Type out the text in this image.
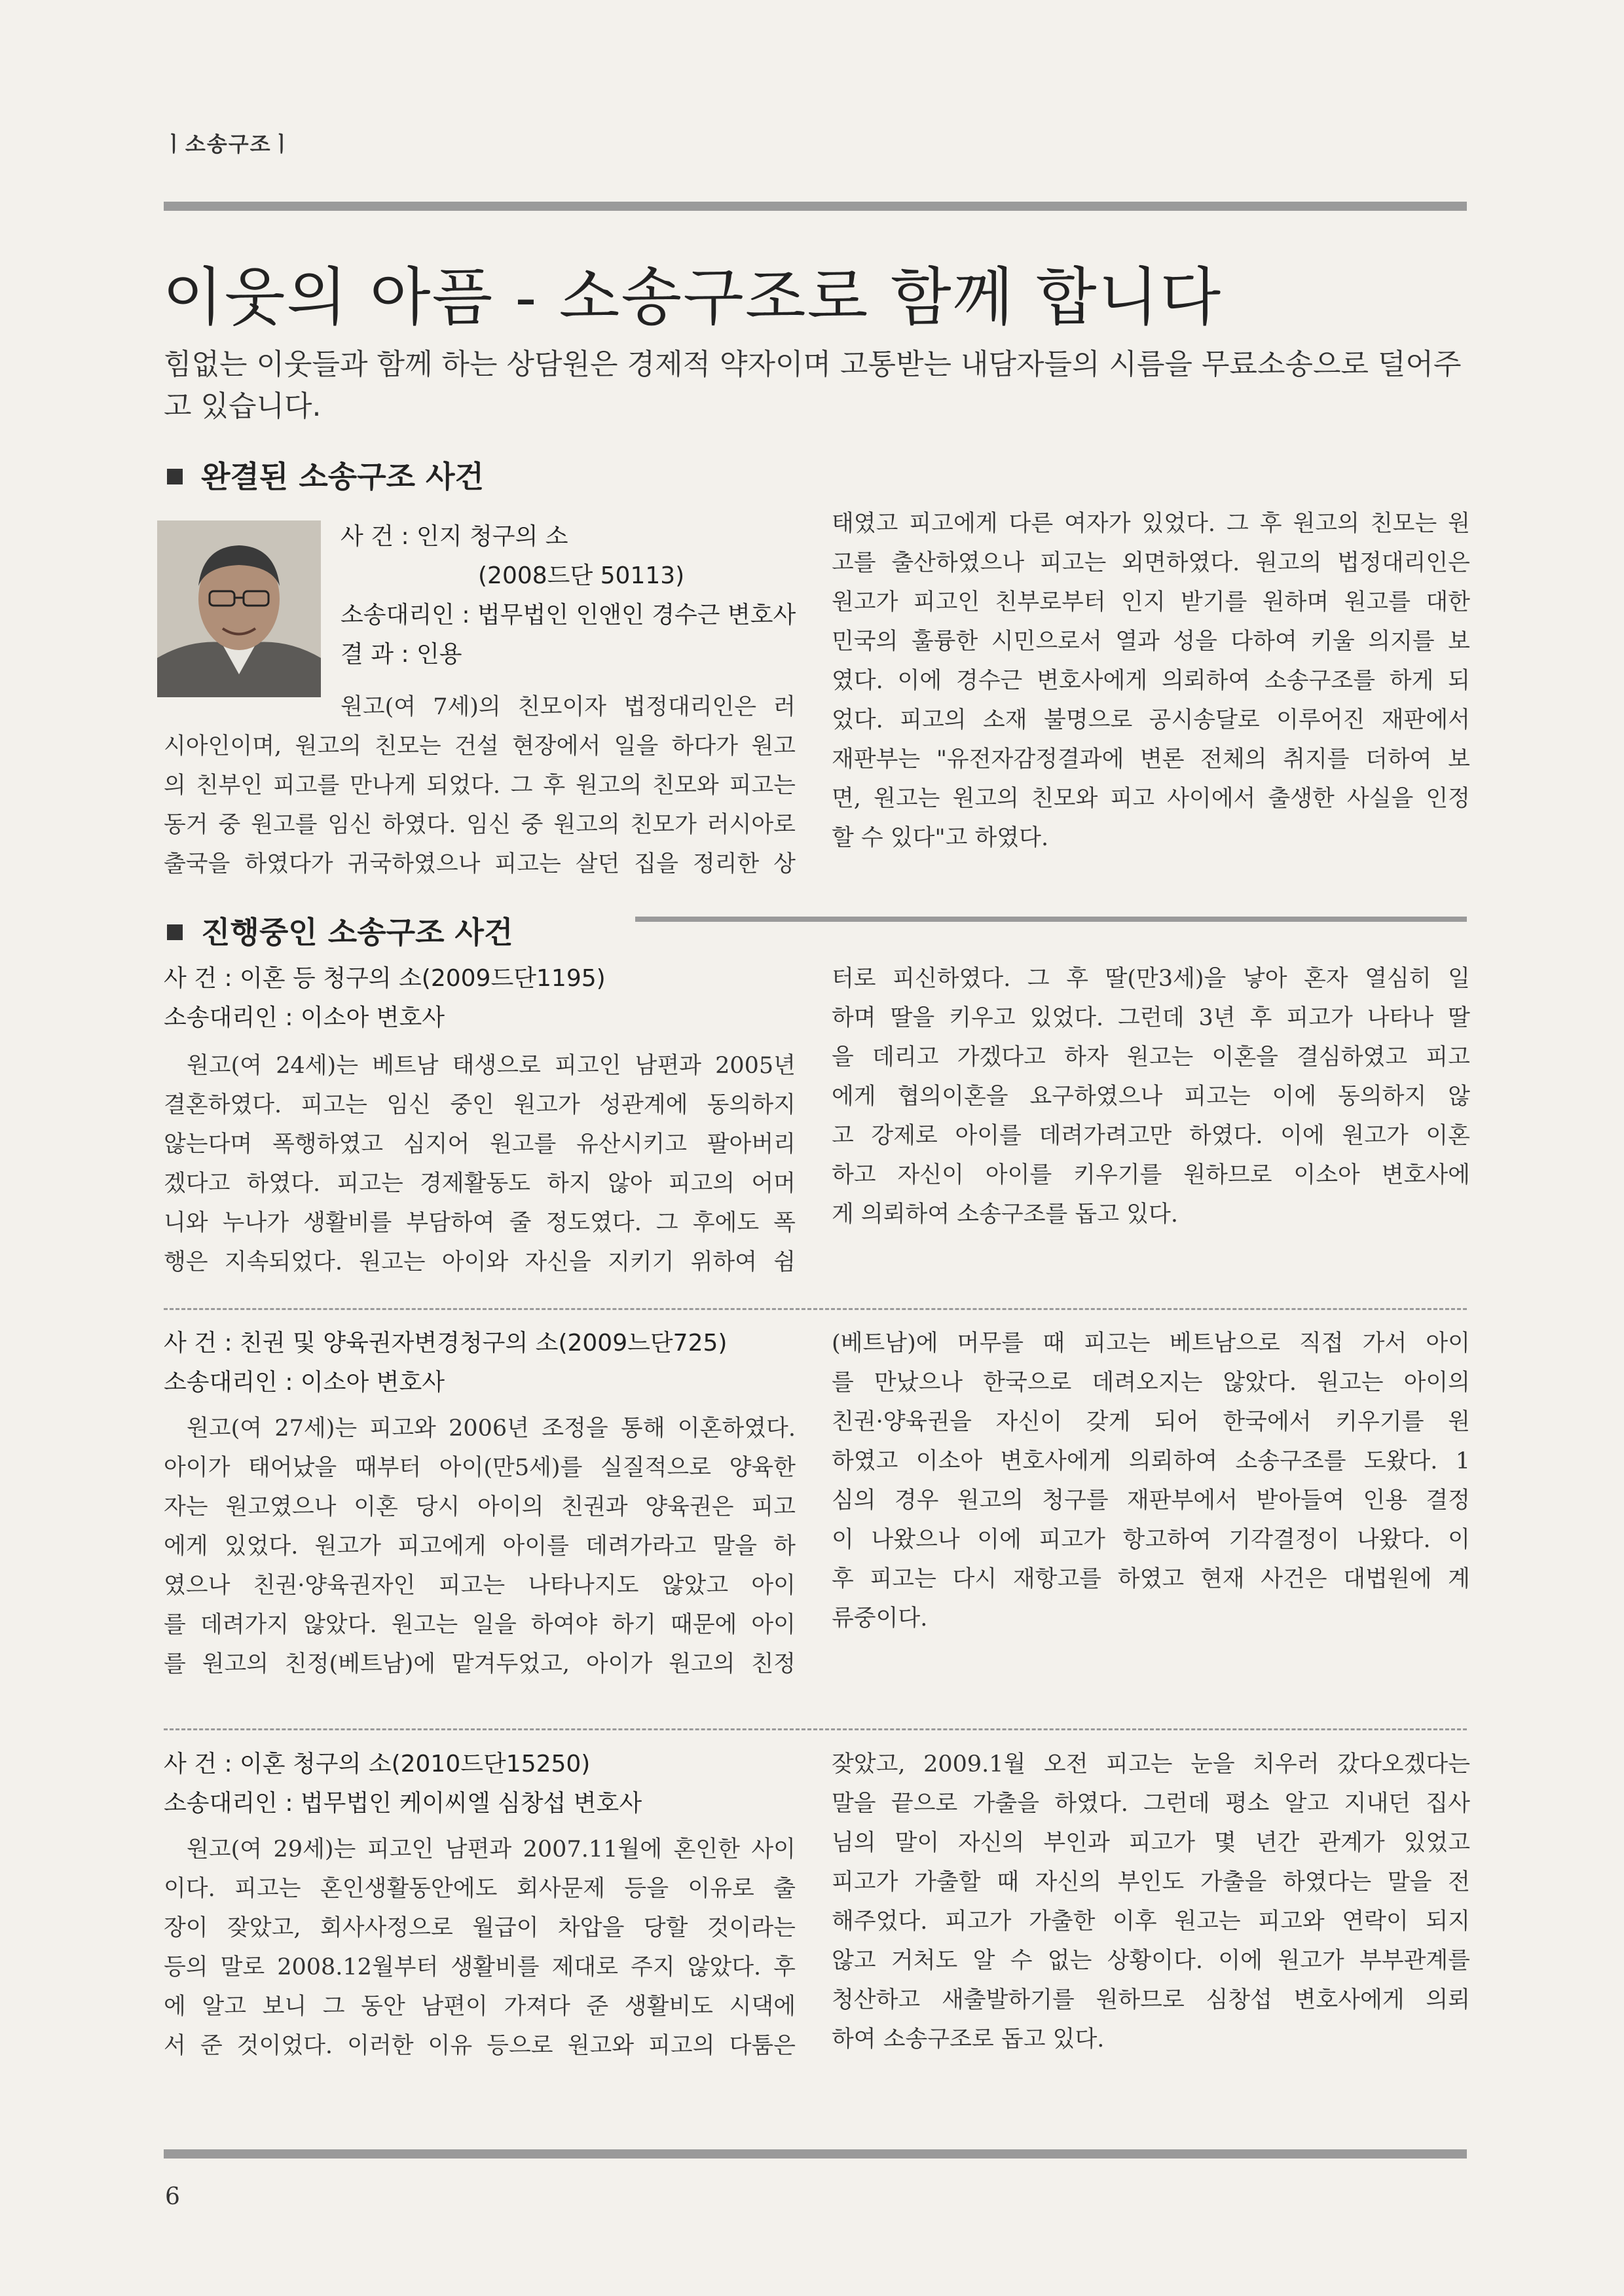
ㅣ소송구조ㅣ
이웃의 아픔 - 소송구조로 함께 합니다
힘없는 이웃들과 함께 하는 상담원은 경제적 약자이며 고통받는 내담자들의 시름을 무료소송으로 덜어주고 있습니다.
완결된 소송구조 사건
사 건 : 인지 청구의 소
(2008드단 50113)
소송대리인 : 법무법인 인앤인 경수근 변호사
결 과 : 인용
원고(여 7세)의 친모이자 법정대리인은 러
시아인이며, 원고의 친모는 건설 현장에서 일을 하다가 원고
의 친부인 피고를 만나게 되었다. 그 후 원고의 친모와 피고는
동거 중 원고를 임신 하였다. 임신 중 원고의 친모가 러시아로
출국을 하였다가 귀국하였으나 피고는 살던 집을 정리한 상
태였고 피고에게 다른 여자가 있었다. 그 후 원고의 친모는 원
고를 출산하였으나 피고는 외면하였다. 원고의 법정대리인은
원고가 피고인 친부로부터 인지 받기를 원하며 원고를 대한
민국의 훌륭한 시민으로서 열과 성을 다하여 키울 의지를 보
였다. 이에 경수근 변호사에게 의뢰하여 소송구조를 하게 되
었다. 피고의 소재 불명으로 공시송달로 이루어진 재판에서
재판부는 "유전자감정결과에 변론 전체의 취지를 더하여 보
면, 원고는 원고의 친모와 피고 사이에서 출생한 사실을 인정
할 수 있다"고 하였다.
진행중인 소송구조 사건
사 건 : 이혼 등 청구의 소(2009드단1195)
소송대리인 : 이소아 변호사
원고(여 24세)는 베트남 태생으로 피고인 남편과 2005년
결혼하였다. 피고는 임신 중인 원고가 성관계에 동의하지
않는다며 폭행하였고 심지어 원고를 유산시키고 팔아버리
겠다고 하였다. 피고는 경제활동도 하지 않아 피고의 어머
니와 누나가 생활비를 부담하여 줄 정도였다. 그 후에도 폭
행은 지속되었다. 원고는 아이와 자신을 지키기 위하여 쉼
터로 피신하였다. 그 후 딸(만3세)을 낳아 혼자 열심히 일
하며 딸을 키우고 있었다. 그런데 3년 후 피고가 나타나 딸
을 데리고 가겠다고 하자 원고는 이혼을 결심하였고 피고
에게 협의이혼을 요구하였으나 피고는 이에 동의하지 않
고 강제로 아이를 데려가려고만 하였다. 이에 원고가 이혼
하고 자신이 아이를 키우기를 원하므로 이소아 변호사에
게 의뢰하여 소송구조를 돕고 있다.
사 건 : 친권 및 양육권자변경청구의 소(2009느단725)
소송대리인 : 이소아 변호사
원고(여 27세)는 피고와 2006년 조정을 통해 이혼하였다.
아이가 태어났을 때부터 아이(만5세)를 실질적으로 양육한
자는 원고였으나 이혼 당시 아이의 친권과 양육권은 피고
에게 있었다. 원고가 피고에게 아이를 데려가라고 말을 하
였으나 친권·양육권자인 피고는 나타나지도 않았고 아이
를 데려가지 않았다. 원고는 일을 하여야 하기 때문에 아이
를 원고의 친정(베트남)에 맡겨두었고, 아이가 원고의 친정
(베트남)에 머무를 때 피고는 베트남으로 직접 가서 아이
를 만났으나 한국으로 데려오지는 않았다. 원고는 아이의
친권·양육권을 자신이 갖게 되어 한국에서 키우기를 원
하였고 이소아 변호사에게 의뢰하여 소송구조를 도왔다. 1
심의 경우 원고의 청구를 재판부에서 받아들여 인용 결정
이 나왔으나 이에 피고가 항고하여 기각결정이 나왔다. 이
후 피고는 다시 재항고를 하였고 현재 사건은 대법원에 계
류중이다.
사 건 : 이혼 청구의 소(2010드단15250)
소송대리인 : 법무법인 케이씨엘 심창섭 변호사
원고(여 29세)는 피고인 남편과 2007.11월에 혼인한 사이
이다. 피고는 혼인생활동안에도 회사문제 등을 이유로 출
장이 잦았고, 회사사정으로 월급이 차압을 당할 것이라는
등의 말로 2008.12월부터 생활비를 제대로 주지 않았다. 후
에 알고 보니 그 동안 남편이 가져다 준 생활비도 시댁에
서 준 것이었다. 이러한 이유 등으로 원고와 피고의 다툼은
잦았고, 2009.1월 오전 피고는 눈을 치우러 갔다오겠다는
말을 끝으로 가출을 하였다. 그런데 평소 알고 지내던 집사
님의 말이 자신의 부인과 피고가 몇 년간 관계가 있었고
피고가 가출할 때 자신의 부인도 가출을 하였다는 말을 전
해주었다. 피고가 가출한 이후 원고는 피고와 연락이 되지
않고 거처도 알 수 없는 상황이다. 이에 원고가 부부관계를
청산하고 새출발하기를 원하므로 심창섭 변호사에게 의뢰
하여 소송구조로 돕고 있다.
6
